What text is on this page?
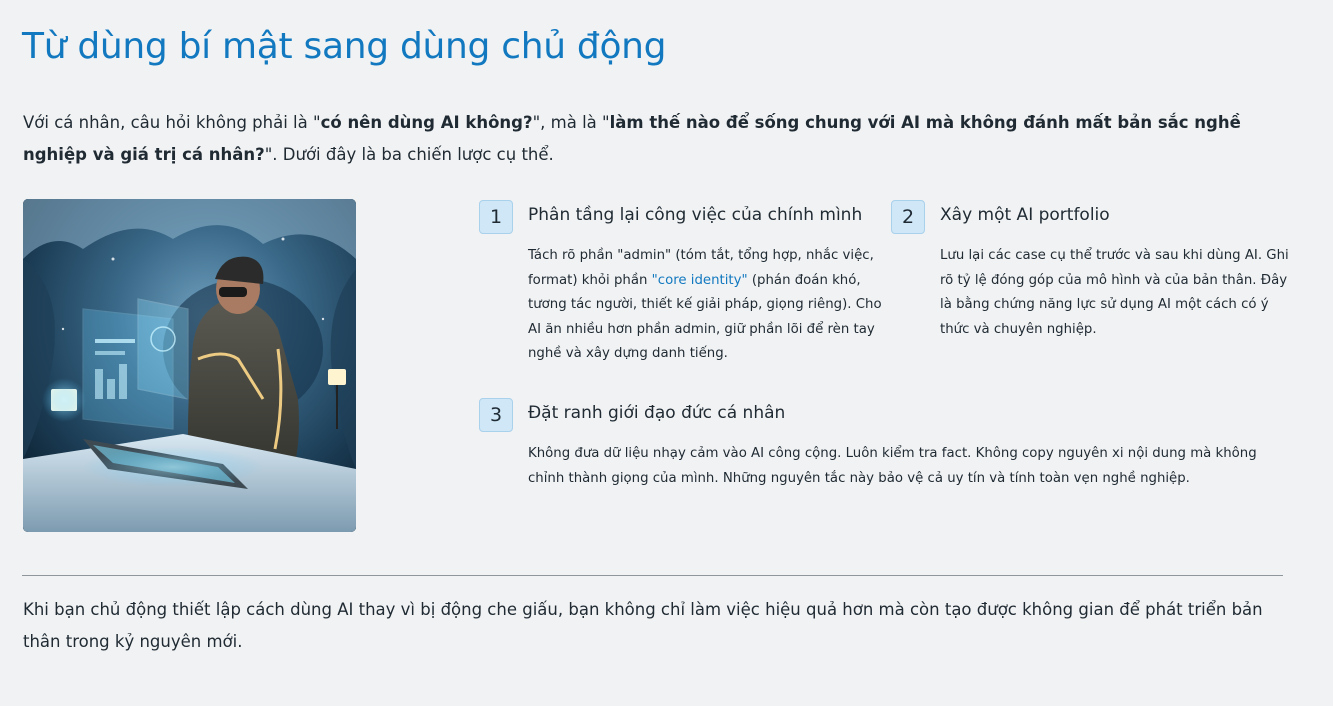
Từ dùng bí mật sang dùng chủ động

Với cá nhân, câu hỏi không phải là "có nên dùng AI không?", mà là "làm thế nào để sống chung với AI mà không đánh mất bản sắc nghề nghiệp và giá trị cá nhân?". Dưới đây là ba chiến lược cụ thể.

1	Phân tầng lại công việc của chính mình

Tách rõ phần "admin" (tóm tắt, tổng hợp, nhắc việc, format) khỏi phần "core identity" (phán đoán khó, tương tác người, thiết kế giải pháp, giọng riêng). Cho AI ăn nhiều hơn phần admin, giữ phần lõi để rèn tay nghề và xây dựng danh tiếng.

2	Xây một AI portfolio

Lưu lại các case cụ thể trước và sau khi dùng AI. Ghi rõ tỷ lệ đóng góp của mô hình và của bản thân. Đây là bằng chứng năng lực sử dụng AI một cách có ý thức và chuyên nghiệp.

3	Đặt ranh giới đạo đức cá nhân

Không đưa dữ liệu nhạy cảm vào AI công cộng. Luôn kiểm tra fact. Không copy nguyên xi nội dung mà không chỉnh thành giọng của mình. Những nguyên tắc này bảo vệ cả uy tín và tính toàn vẹn nghề nghiệp.

Khi bạn chủ động thiết lập cách dùng AI thay vì bị động che giấu, bạn không chỉ làm việc hiệu quả hơn mà còn tạo được không gian để phát triển bản thân trong kỷ nguyên mới.
